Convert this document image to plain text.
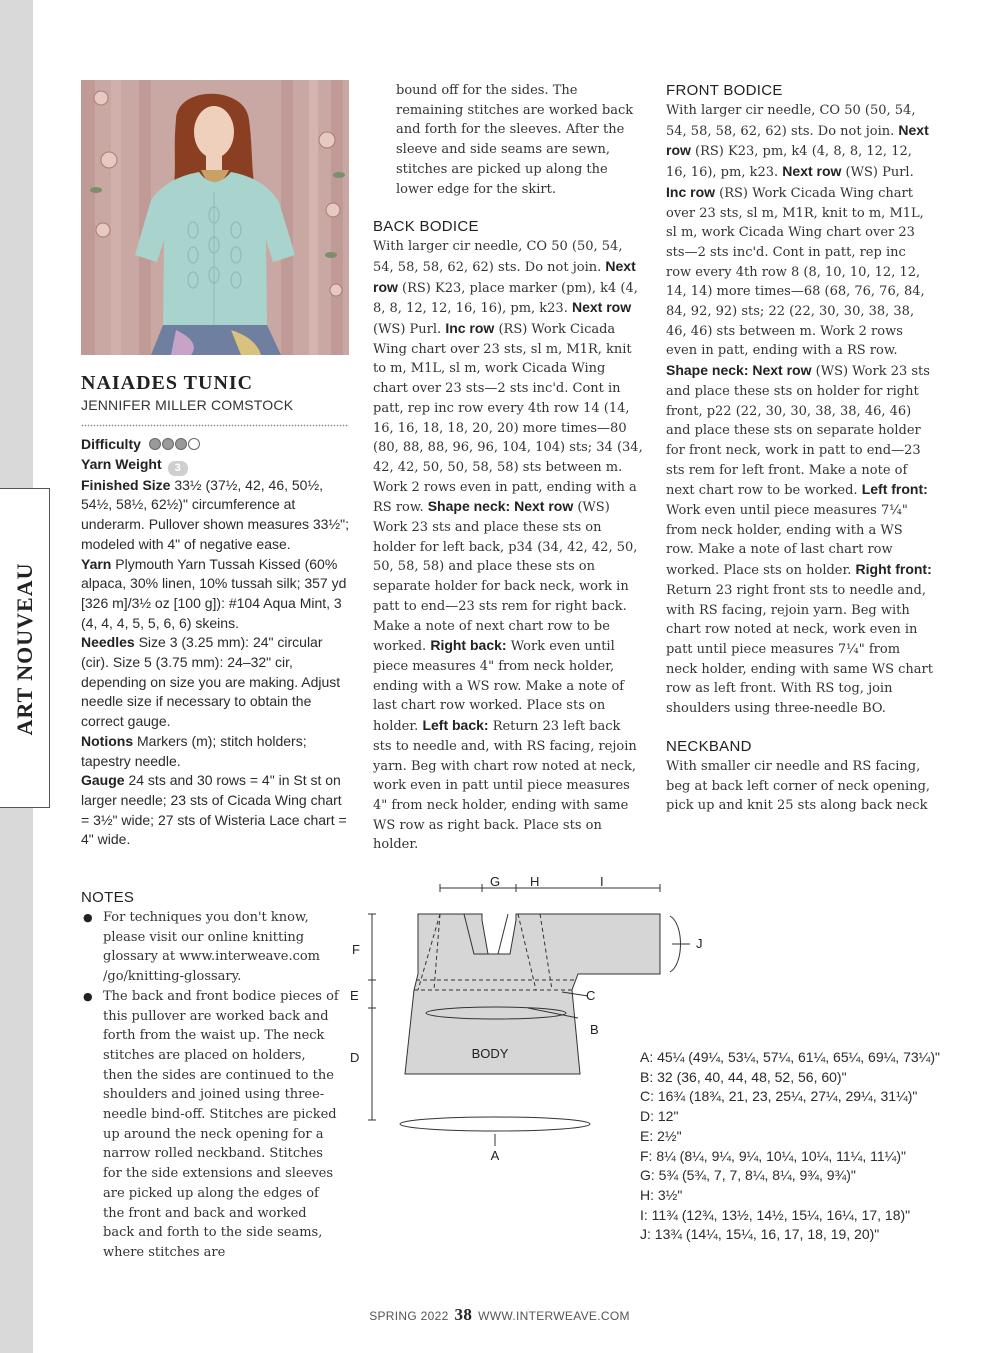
ART NOUVEAU
NAIADES TUNIC
JENNIFER MILLER COMSTOCK
Difficulty
Yarn Weight 3

Finished Size 33½ (37½, 42, 46, 50½, 54½, 58½, 62½)" circumference at underarm. Pullover shown measures 33½"; modeled with 4" of negative ease.

Yarn Plymouth Yarn Tussah Kissed (60% alpaca, 30% linen, 10% tussah silk; 357 yd [326 m]/3½ oz [100 g]): #104 Aqua Mint, 3 (4, 4, 4, 5, 5, 6, 6) skeins.

Needles Size 3 (3.25 mm): 24" circular (cir). Size 5 (3.75 mm): 24–32" cir, depending on size you are making. Adjust needle size if necessary to obtain the correct gauge.

Notions Markers (m); stitch holders; tapestry needle.

Gauge 24 sts and 30 rows = 4" in St st on larger needle; 23 sts of Cicada Wing chart = 3½" wide; 27 sts of Wisteria Lace chart = 4" wide.

NOTES

● For techniques you don't know, please visit our online knitting glossary at www.interweave.com /go/knitting-glossary.
● The back and front bodice pieces of this pullover are worked back and forth from the waist up. The neck stitches are placed on holders, then the sides are continued to the shoulders and joined using three-needle bind-off. Stitches are picked up around the neck opening for a narrow rolled neckband. Stitches for the side extensions and sleeves are picked up along the edges of the front and back and worked back and forth to the side seams, where stitches are

bound off for the sides. The remaining stitches are worked back and forth for the sleeves. After the sleeve and side seams are sewn, stitches are picked up along the lower edge for the skirt.

BACK BODICE

With larger cir needle, CO 50 (50, 54, 54, 58, 58, 62, 62) sts. Do not join. Next row (RS) K23, place marker (pm), k4 (4, 8, 8, 12, 12, 16, 16), pm, k23. Next row (WS) Purl. Inc row (RS) Work Cicada Wing chart over 23 sts, sl m, M1R, knit to m, M1L, sl m, work Cicada Wing chart over 23 sts—2 sts inc'd. Cont in patt, rep inc row every 4th row 14 (14, 16, 16, 18, 18, 20, 20) more times—80 (80, 88, 88, 96, 96, 104, 104) sts; 34 (34, 42, 42, 50, 50, 58, 58) sts between m. Work 2 rows even in patt, ending with a RS row. Shape neck: Next row (WS) Work 23 sts and place these sts on holder for left back, p34 (34, 42, 42, 50, 50, 58, 58) and place these sts on separate holder for back neck, work in patt to end—23 sts rem for right back. Make a note of next chart row to be worked. Right back: Work even until piece measures 4" from neck holder, ending with a WS row. Make a note of last chart row worked. Place sts on holder. Left back: Return 23 left back sts to needle and, with RS facing, rejoin yarn. Beg with chart row noted at neck, work even in patt until piece measures 4" from neck holder, ending with same WS row as right back. Place sts on holder.

FRONT BODICE

With larger cir needle, CO 50 (50, 54, 54, 58, 58, 62, 62) sts. Do not join. Next row (RS) K23, pm, k4 (4, 8, 8, 12, 12, 16, 16), pm, k23. Next row (WS) Purl. Inc row (RS) Work Cicada Wing chart over 23 sts, sl m, M1R, knit to m, M1L, sl m, work Cicada Wing chart over 23 sts—2 sts inc'd. Cont in patt, rep inc row every 4th row 8 (8, 10, 10, 12, 12, 14, 14) more times—68 (68, 76, 76, 84, 84, 92, 92) sts; 22 (22, 30, 30, 38, 38, 46, 46) sts between m. Work 2 rows even in patt, ending with a RS row. Shape neck: Next row (WS) Work 23 sts and place these sts on holder for right front, p22 (22, 30, 30, 38, 38, 46, 46) and place these sts on separate holder for front neck, work in patt to end—23 sts rem for left front. Make a note of next chart row to be worked. Left front: Work even until piece measures 7¼" from neck holder, ending with a WS row. Make a note of last chart row worked. Place sts on holder. Right front: Return 23 right front sts to needle and, with RS facing, rejoin yarn. Beg with chart row noted at neck, work even in patt until piece measures 7¼" from neck holder, ending with same WS chart row as left front. With RS tog, join shoulders using three-needle BO.

NECKBAND

With smaller cir needle and RS facing, beg at back left corner of neck opening, pick up and knit 25 sts along back neck

BODY
A
B
C
D
E
F
G H	I
J
A: 45¼ (49¼, 53¼, 57¼, 61¼, 65¼, 69¼, 73¼)"
B: 32 (36, 40, 44, 48, 52, 56, 60)"
C: 16¾ (18¾, 21, 23, 25¼, 27¼, 29¼, 31¼)"
D: 12"
E: 2½"
F: 8¼ (8¼, 9¼, 9¼, 10¼, 10¼, 11¼, 11¼)"
G: 5¾ (5¾, 7, 7, 8¼, 8¼, 9¾, 9¾)"
H: 3½"
I: 11¾ (12¾, 13½, 14½, 15¼, 16¼, 17, 18)"
J: 13¾ (14¼, 15¼, 16, 17, 18, 19, 20)"
SPRING 2022 38 WWW.INTERWEAVE.COM
